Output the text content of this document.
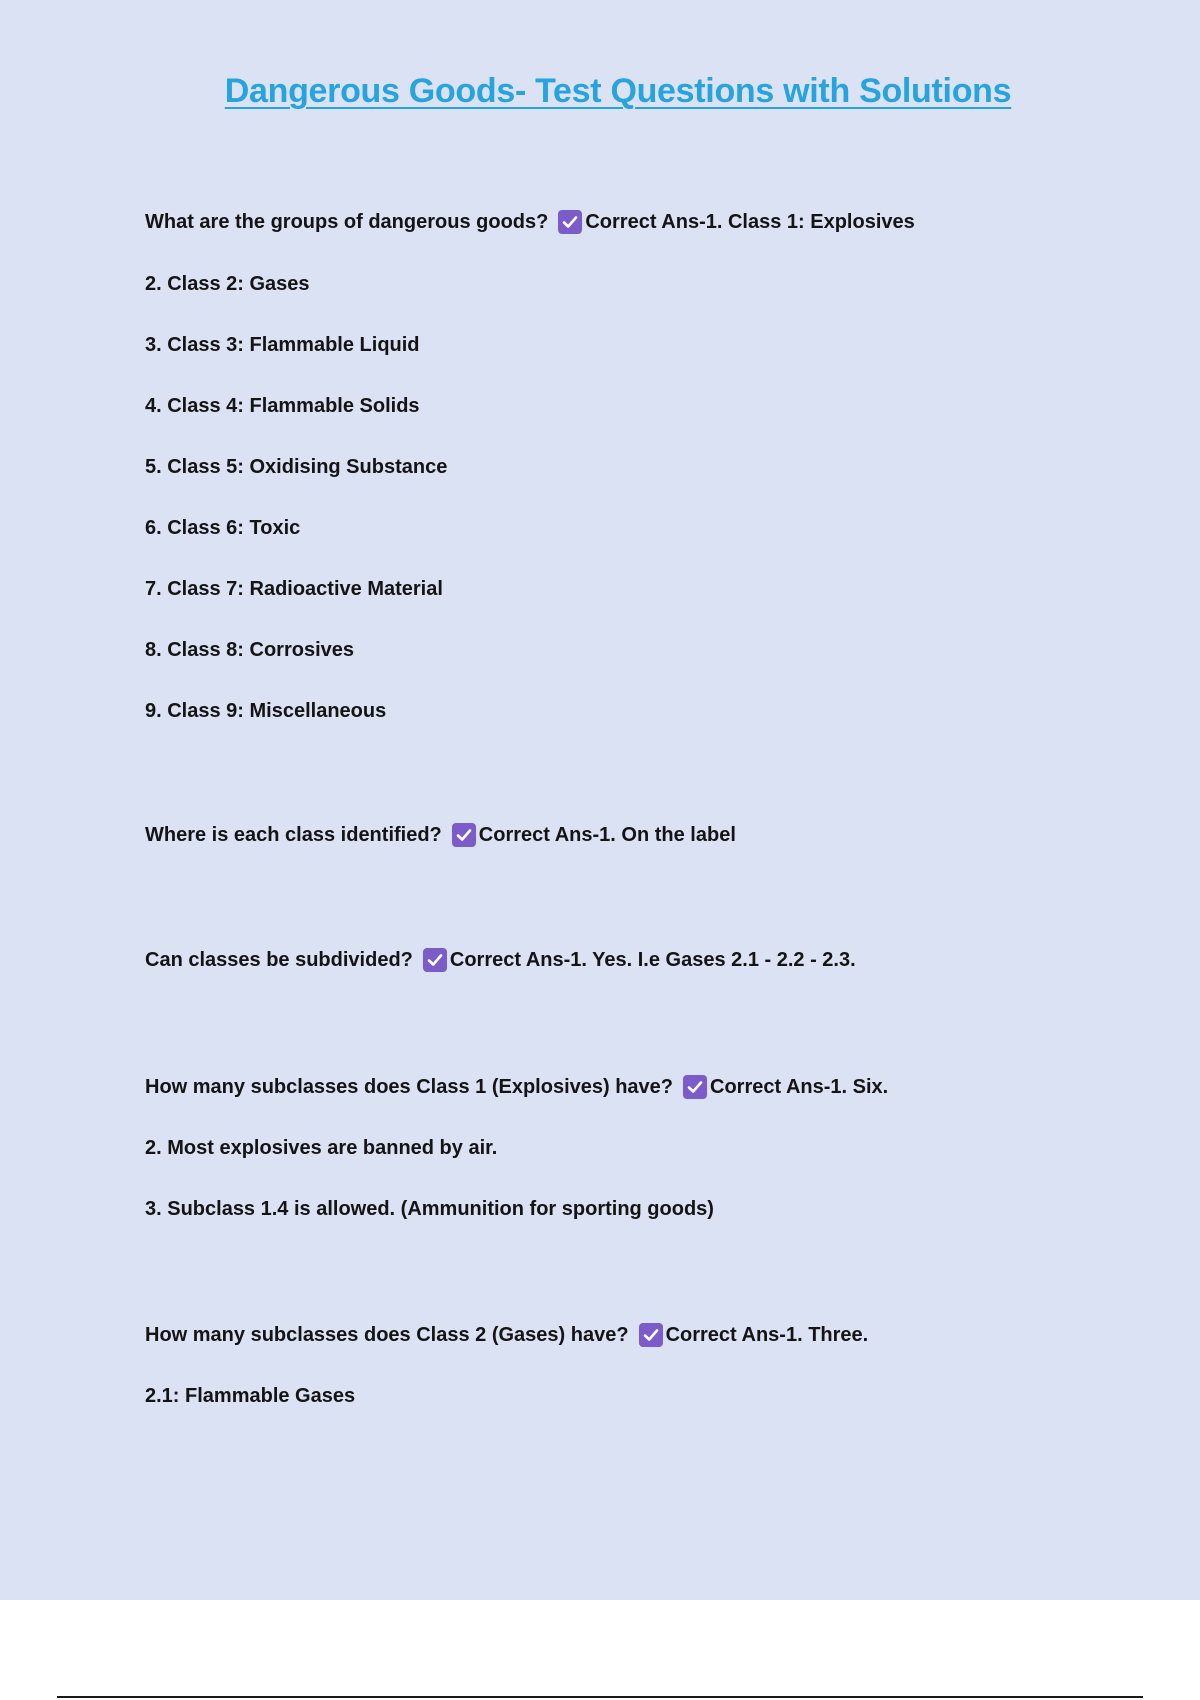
Dangerous Goods- Test Questions with Solutions
What are the groups of dangerous goods? Correct Ans-1. Class 1: Explosives
2. Class 2: Gases
3. Class 3: Flammable Liquid
4. Class 4: Flammable Solids
5. Class 5: Oxidising Substance
6. Class 6: Toxic
7. Class 7: Radioactive Material
8. Class 8: Corrosives
9. Class 9: Miscellaneous
Where is each class identified? Correct Ans-1. On the label
Can classes be subdivided? Correct Ans-1. Yes. I.e Gases 2.1 - 2.2 - 2.3.
How many subclasses does Class 1 (Explosives) have? Correct Ans-1. Six.
2. Most explosives are banned by air.
3. Subclass 1.4 is allowed. (Ammunition for sporting goods)
How many subclasses does Class 2 (Gases) have? Correct Ans-1. Three.
2.1: Flammable Gases
